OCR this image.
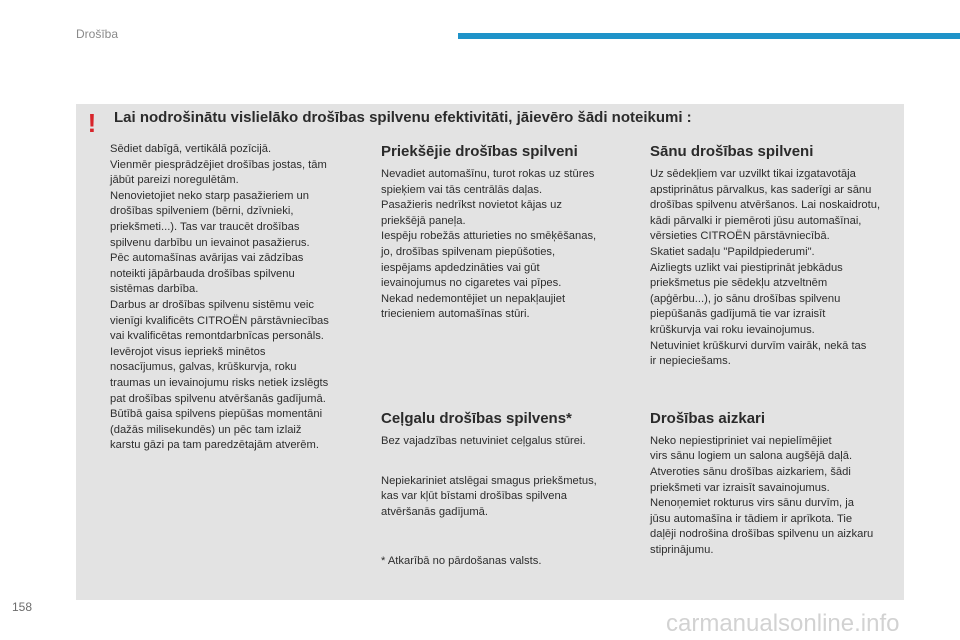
Drošība
!	Lai nodrošinātu vislielāko drošības spilvenu efektivitāti, jāievēro šādi noteikumi :
Sēdiet dabīgā, vertikālā pozīcijā.
Vienmēr piesprādzējiet drošības jostas, tām
jābūt pareizi noregulētām.
Nenovietojiet neko starp pasažieriem un
drošības spilveniem (bērni, dzīvnieki,
priekšmeti...). Tas var traucēt drošības
spilvenu darbību un ievainot pasažierus.
Pēc automašīnas avārijas vai zādzības
noteikti jāpārbauda drošības spilvenu
sistēmas darbība.
Darbus ar drošības spilvenu sistēmu veic
vienīgi kvalificēts CITROËN pārstāvniecības
vai kvalificētas remontdarbnīcas personāls.
Ievērojot visus iepriekš minētos
nosacījumus, galvas, krūškurvja, roku
traumas un ievainojumu risks netiek izslēgts
pat drošības spilvenu atvēršanās gadījumā.
Būtībā gaisa spilvens piepūšas momentāni
(dažās milisekundēs) un pēc tam izlaiž
karstu gāzi pa tam paredzētajām atverēm.
Priekšējie drošības spilveni
Nevadiet automašīnu, turot rokas uz stūres
spieķiem vai tās centrālās daļas.
Pasažieris nedrīkst novietot kājas uz
priekšējā paneļa.
Iespēju robežās atturieties no smēķēšanas,
jo, drošības spilvenam piepūšoties,
iespējams apdedzināties vai gūt
ievainojumus no cigaretes vai pīpes.
Nekad nedemontējiet un nepakļaujiet
triecieniem automašīnas stūri.
Ceļgalu drošības spilvens*
Bez vajadzības netuviniet ceļgalus stūrei.
Nepiekariniet atslēgai smagus priekšmetus,
kas var kļūt bīstami drošības spilvena
atvēršanās gadījumā.
* Atkarībā no pārdošanas valsts.
Sānu drošības spilveni
Uz sēdekļiem var uzvilkt tikai izgatavotāja
apstiprinātus pārvalkus, kas saderīgi ar sānu
drošības spilvenu atvēršanos. Lai noskaidrotu,
kādi pārvalki ir piemēroti jūsu automašīnai,
vērsieties CITROËN pārstāvniecībā.
Skatiet sadaļu "Papildpiederumi".
Aizliegts uzlikt vai piestiprināt jebkādus
priekšmetus pie sēdekļu atzveltnēm
(apģērbu...), jo sānu drošības spilvenu
piepūšanās gadījumā tie var izraisīt
krūškurvja vai roku ievainojumus.
Netuviniet krūškurvi durvīm vairāk, nekā tas
ir nepieciešams.
Drošības aizkari
Neko nepiestipriniet vai nepielīmējiet
virs sānu logiem un salona augšējā daļā.
Atveroties sānu drošības aizkariem, šādi
priekšmeti var izraisīt savainojumus.
Nenoņemiet rokturus virs sānu durvīm, ja
jūsu automašīna ir tādiem ir aprīkota. Tie
daļēji nodrošina drošības spilvenu un aizkaru
stiprinājumu.
158
carmanualsonline.info
